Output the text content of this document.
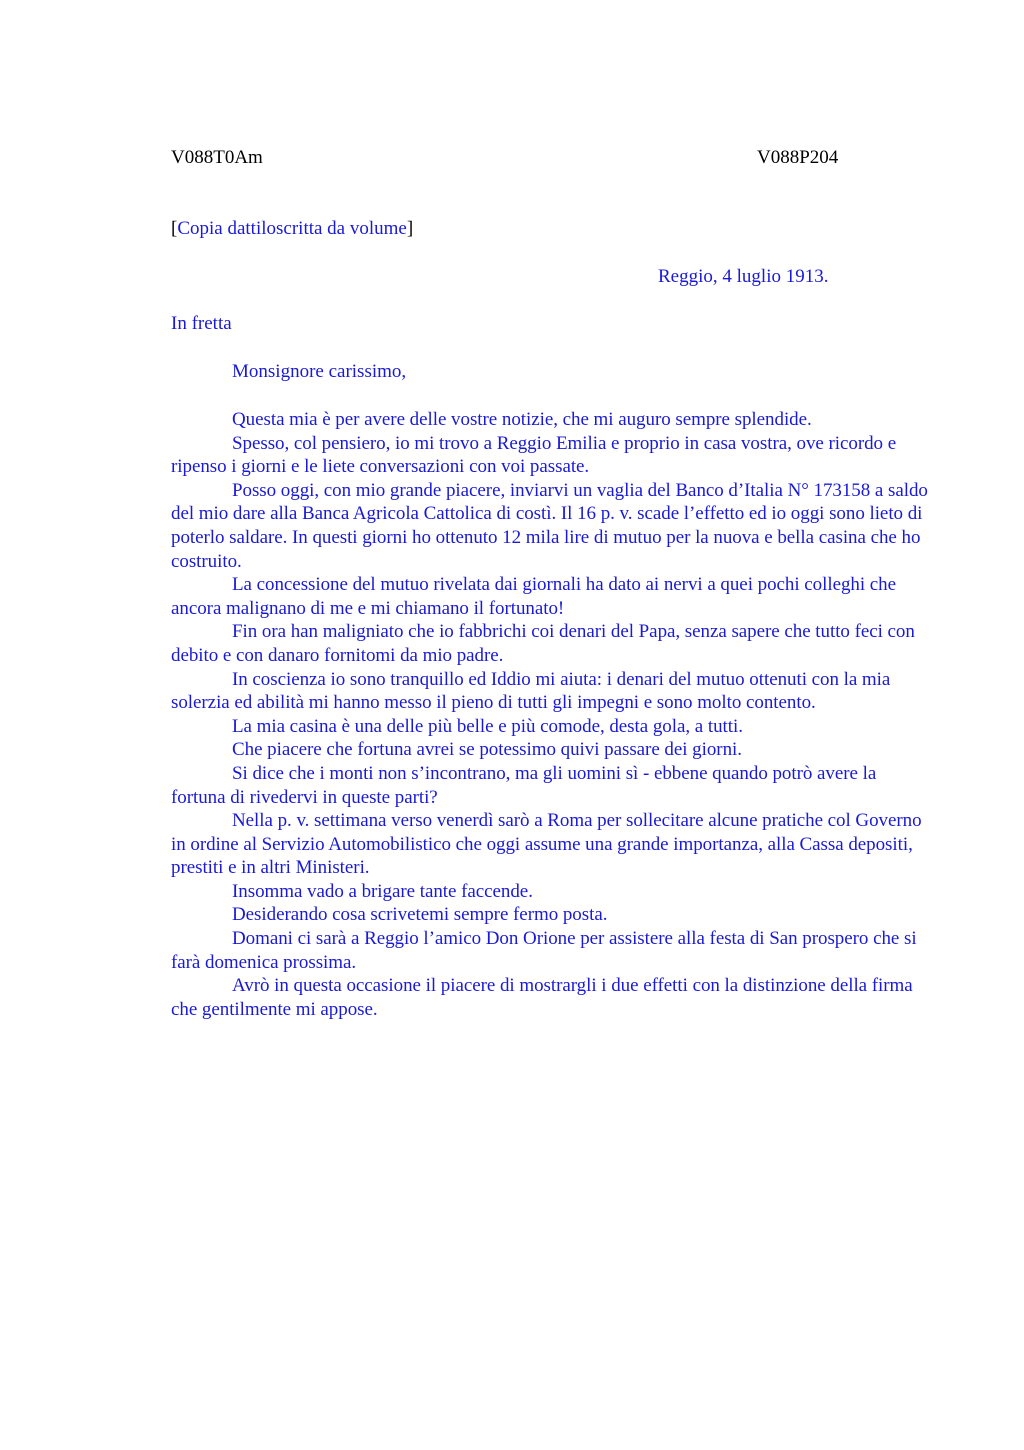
V088T0Am	V088P204
[Copia dattiloscritta da volume]
Reggio, 4 luglio 1913.
In fretta
Monsignore carissimo,

Questa mia è per avere delle vostre notizie, che mi auguro sempre splendide.

Spesso, col pensiero, io mi trovo a Reggio Emilia e proprio in casa vostra, ove ricordo e ripenso i giorni e le liete conversazioni con voi passate.

Posso oggi, con mio grande piacere, inviarvi un vaglia del Banco d’Italia N° 173158 a saldo del mio dare alla Banca Agricola Cattolica di costì. Il 16 p. v. scade l’effetto ed io oggi sono lieto di poterlo saldare. In questi giorni ho ottenuto 12 mila lire di mutuo per la nuova e bella casina che ho costruito.

La concessione del mutuo rivelata dai giornali ha dato ai nervi a quei pochi colleghi che ancora malignano di me e mi chiamano il fortunato!

Fin ora han maligniato che io fabbrichi coi denari del Papa, senza sapere che tutto feci con debito e con danaro fornitomi da mio padre.

In coscienza io sono tranquillo ed Iddio mi aiuta: i denari del mutuo ottenuti con la mia solerzia ed abilità mi hanno messo il pieno di tutti gli impegni e sono molto contento.

La mia casina è una delle più belle e più comode, desta gola, a tutti.

Che piacere che fortuna avrei se potessimo quivi passare dei giorni.

Si dice che i monti non s’incontrano, ma gli uomini sì - ebbene quando potrò avere la fortuna di rivedervi in queste parti?

Nella p. v. settimana verso venerdì sarò a Roma per sollecitare alcune pratiche col Governo in ordine al Servizio Automobilistico che oggi assume una grande importanza, alla Cassa depositi, prestiti e in altri Ministeri.

Insomma vado a brigare tante faccende.

Desiderando cosa scrivetemi sempre fermo posta.

Domani ci sarà a Reggio l’amico Don Orione per assistere alla festa di San prospero che si farà domenica prossima.

Avrò in questa occasione il piacere di mostrargli i due effetti con la distinzione della firma che gentilmente mi appose.
